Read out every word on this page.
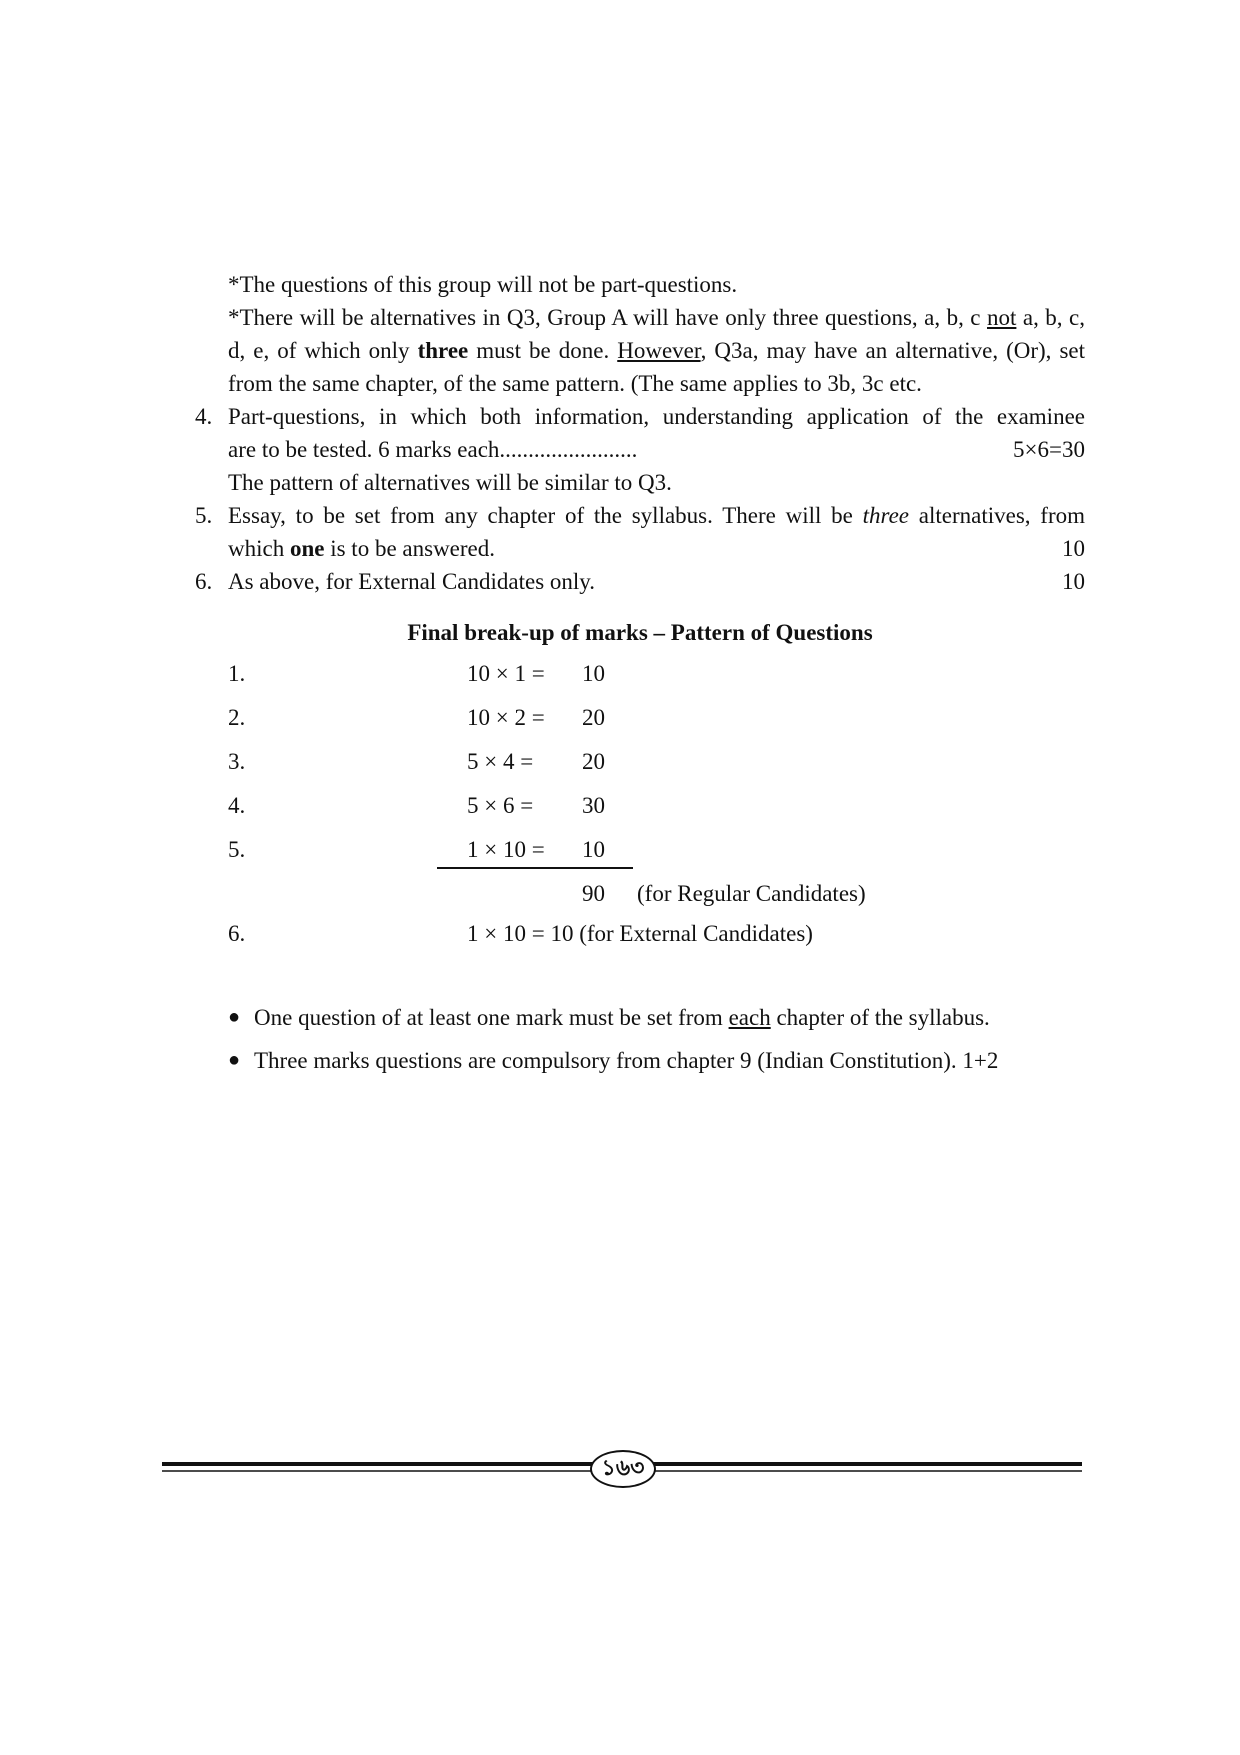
*The questions of this group will not be part-questions.
*There will be alternatives in Q3, Group A will have only three questions, a, b, c not a, b, c, d, e, of which only three must be done. However, Q3a, may have an alternative, (Or), set from the same chapter, of the same pattern. (The same applies to 3b, 3c etc.
4. Part-questions, in which both information, understanding application of the examinee
are to be tested. 6 marks each........................	5×6=30
The pattern of alternatives will be similar to Q3.
5. Essay, to be set from any chapter of the syllabus. There will be three alternatives, from
which one is to be answered.	10
6. As above, for External Candidates only.	10
Final break-up of marks – Pattern of Questions
1.	10 × 1 = 10
2.	10 × 2 = 20
3.	5 × 4 = 20
4.	5 × 6 = 30
5.	1 × 10 = 10
90 (for Regular Candidates)
6.	1 × 10 = 10 (for External Candidates)
● One question of at least one mark must be set from each chapter of the syllabus.
● Three marks questions are compulsory from chapter 9 (Indian Constitution). 1+2
১৬৩
